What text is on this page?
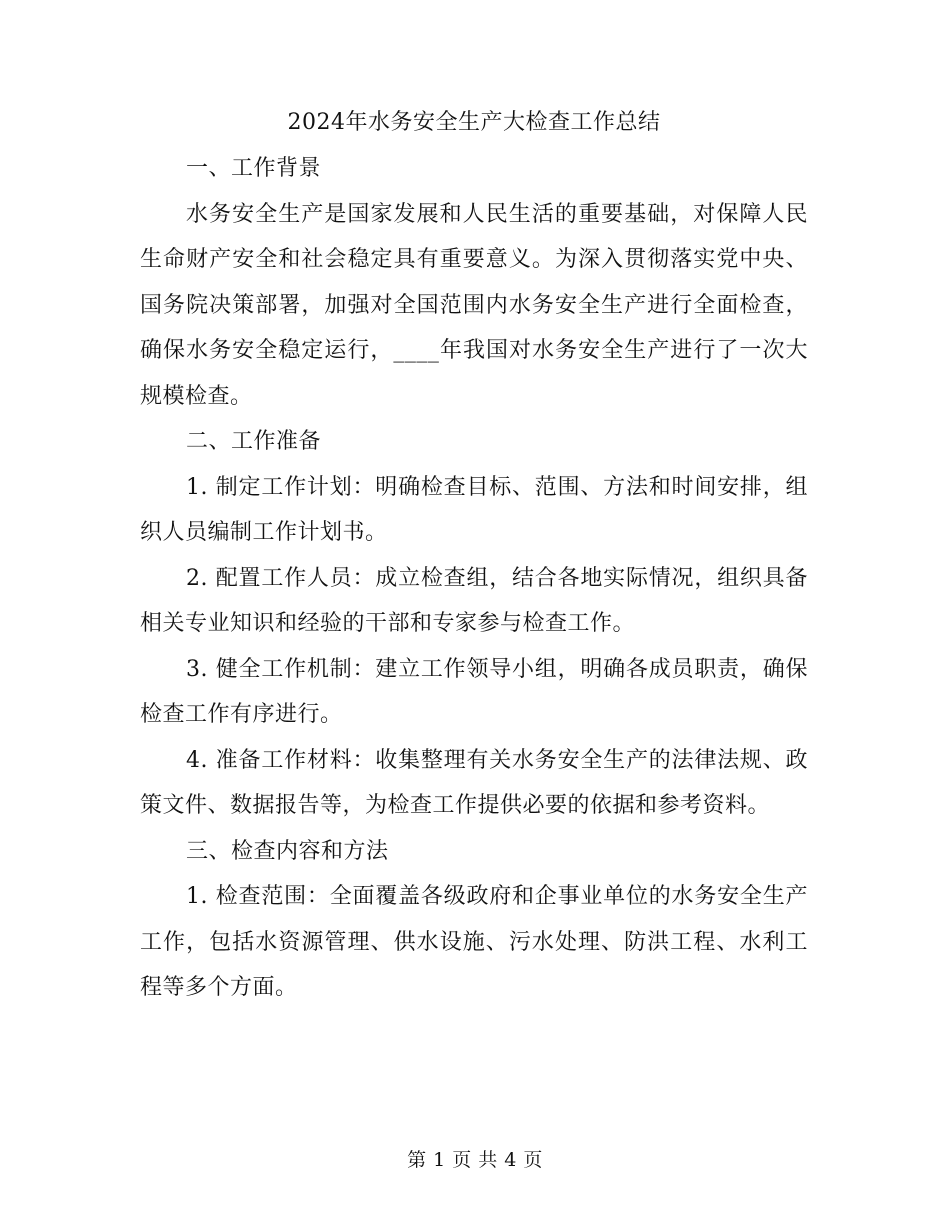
2024年水务安全生产大检查工作总结

一、工作背景

水务安全生产是国家发展和人民生活的重要基础，对保障人民生命财产安全和社会稳定具有重要意义。为深入贯彻落实党中央、国务院决策部署，加强对全国范围内水务安全生产进行全面检查，确保水务安全稳定运行，____年我国对水务安全生产进行了一次大规模检查。

二、工作准备

1. 制定工作计划：明确检查目标、范围、方法和时间安排，组织人员编制工作计划书。

2. 配置工作人员：成立检查组，结合各地实际情况，组织具备相关专业知识和经验的干部和专家参与检查工作。

3. 健全工作机制：建立工作领导小组，明确各成员职责，确保检查工作有序进行。

4. 准备工作材料：收集整理有关水务安全生产的法律法规、政策文件、数据报告等，为检查工作提供必要的依据和参考资料。

三、检查内容和方法

1. 检查范围：全面覆盖各级政府和企事业单位的水务安全生产工作，包括水资源管理、供水设施、污水处理、防洪工程、水利工程等多个方面。

第 1 页 共 4 页
